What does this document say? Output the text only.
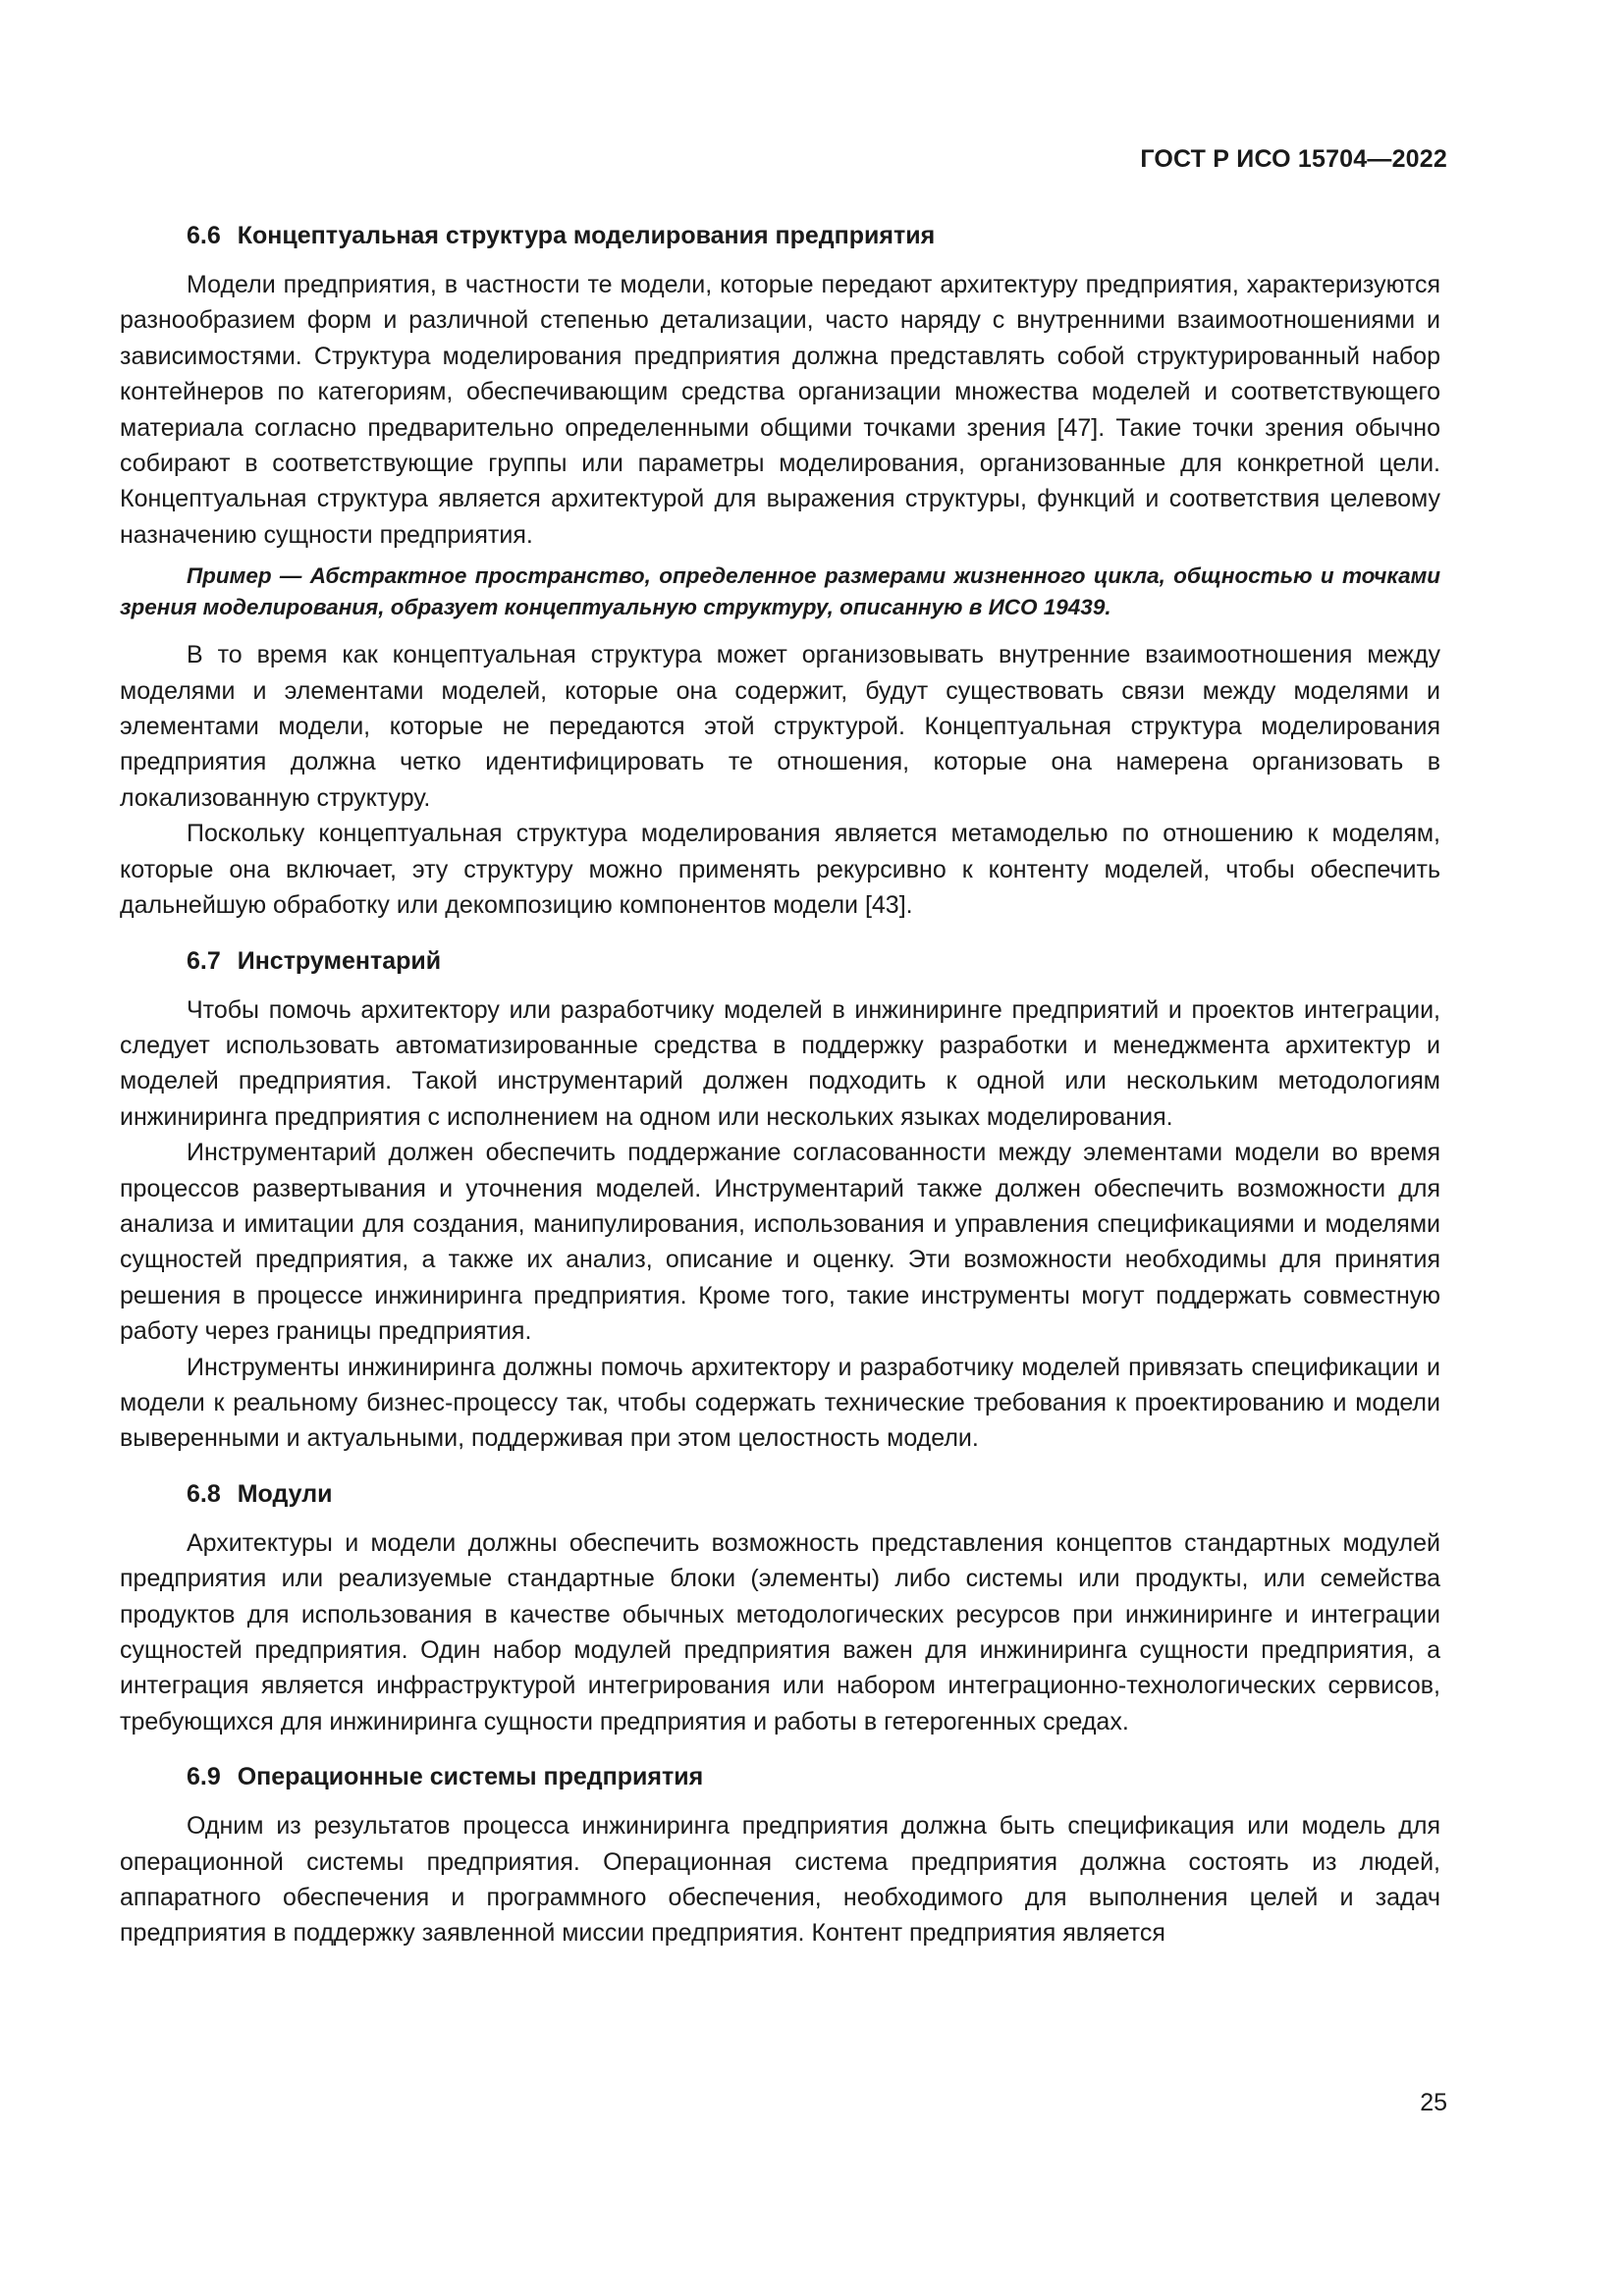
ГОСТ Р ИСО 15704—2022
6.6 Концептуальная структура моделирования предприятия

Модели предприятия, в частности те модели, которые передают архитектуру предприятия, характеризуются разнообразием форм и различной степенью детализации, часто наряду с внутренними взаимоотношениями и зависимостями. Структура моделирования предприятия должна представлять собой структурированный набор контейнеров по категориям, обеспечивающим средства организации множества моделей и соответствующего материала согласно предварительно определенными общими точками зрения [47]. Такие точки зрения обычно собирают в соответствующие группы или параметры моделирования, организованные для конкретной цели. Концептуальная структура является архитектурой для выражения структуры, функций и соответствия целевому назначению сущности предприятия.

Пример — Абстрактное пространство, определенное размерами жизненного цикла, общностью и точками зрения моделирования, образует концептуальную структуру, описанную в ИСО 19439.

В то время как концептуальная структура может организовывать внутренние взаимоотношения между моделями и элементами моделей, которые она содержит, будут существовать связи между моделями и элементами модели, которые не передаются этой структурой. Концептуальная структура моделирования предприятия должна четко идентифицировать те отношения, которые она намерена организовать в локализованную структуру.

Поскольку концептуальная структура моделирования является метамоделью по отношению к моделям, которые она включает, эту структуру можно применять рекурсивно к контенту моделей, чтобы обеспечить дальнейшую обработку или декомпозицию компонентов модели [43].

6.7 Инструментарий

Чтобы помочь архитектору или разработчику моделей в инжиниринге предприятий и проектов интеграции, следует использовать автоматизированные средства в поддержку разработки и менеджмента архитектур и моделей предприятия. Такой инструментарий должен подходить к одной или нескольким методологиям инжиниринга предприятия с исполнением на одном или нескольких языках моделирования.

Инструментарий должен обеспечить поддержание согласованности между элементами модели во время процессов развертывания и уточнения моделей. Инструментарий также должен обеспечить возможности для анализа и имитации для создания, манипулирования, использования и управления спецификациями и моделями сущностей предприятия, а также их анализ, описание и оценку. Эти возможности необходимы для принятия решения в процессе инжиниринга предприятия. Кроме того, такие инструменты могут поддержать совместную работу через границы предприятия.

Инструменты инжиниринга должны помочь архитектору и разработчику моделей привязать спецификации и модели к реальному бизнес-процессу так, чтобы содержать технические требования к проектированию и модели выверенными и актуальными, поддерживая при этом целостность модели.

6.8 Модули

Архитектуры и модели должны обеспечить возможность представления концептов стандартных модулей предприятия или реализуемые стандартные блоки (элементы) либо системы или продукты, или семейства продуктов для использования в качестве обычных методологических ресурсов при инжиниринге и интеграции сущностей предприятия. Один набор модулей предприятия важен для инжиниринга сущности предприятия, а интеграция является инфраструктурой интегрирования или набором интеграционно-технологических сервисов, требующихся для инжиниринга сущности предприятия и работы в гетерогенных средах.

6.9 Операционные системы предприятия

Одним из результатов процесса инжиниринга предприятия должна быть спецификация или модель для операционной системы предприятия. Операционная система предприятия должна состоять из людей, аппаратного обеспечения и программного обеспечения, необходимого для выполнения целей и задач предприятия в поддержку заявленной миссии предприятия. Контент предприятия является

25
